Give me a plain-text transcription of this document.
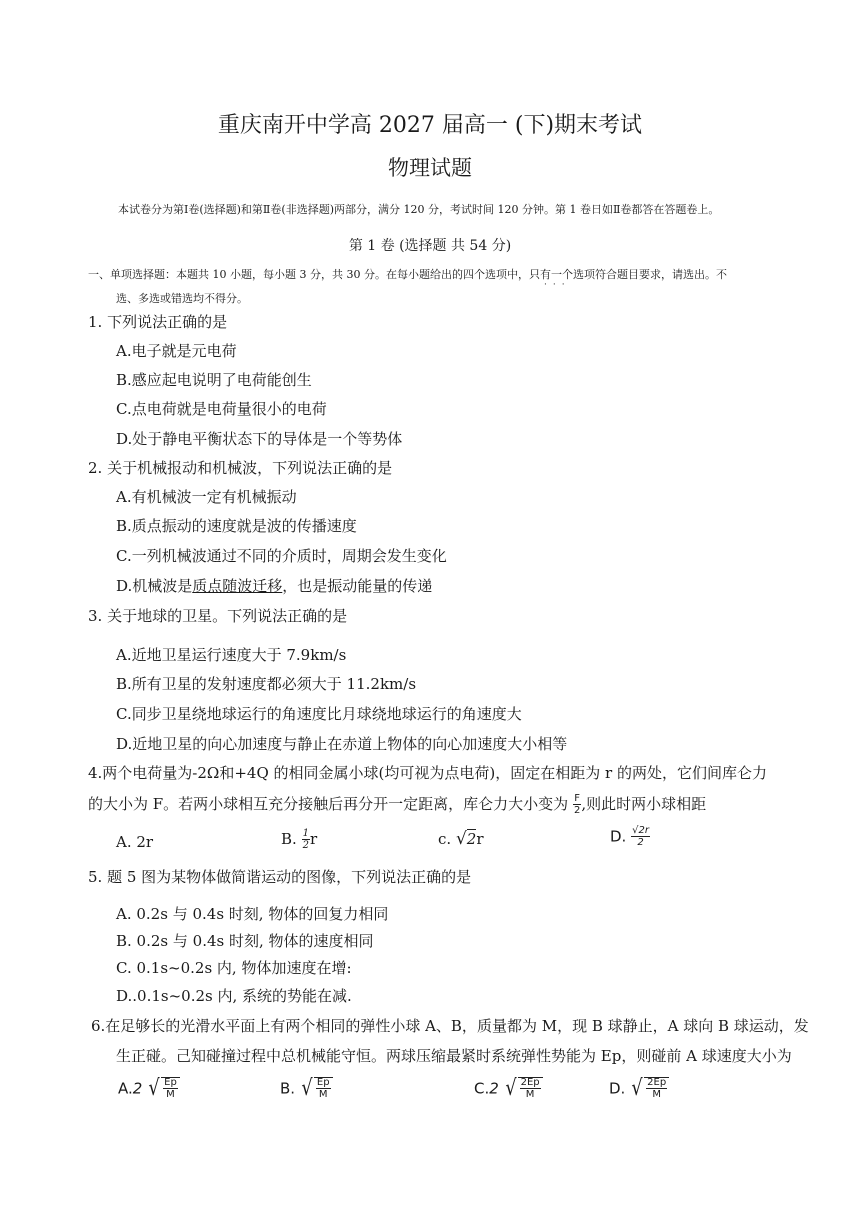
重庆南开中学高 2027 届高一 (下)期末考试
物理试题
本试卷分为第Ⅰ卷(选择题)和第Ⅱ卷(非选择题)两部分，满分 120 分，考试时间 120 分钟。第 1 卷日如Ⅱ卷都答在答题卷上。
第 1 卷 (选择题 共 54 分)
一、单项选择题：本题共 10 小题，每小题 3 分，共 30 分。在每小题给出的四个选项中，只有一个选项符合题目要求，请选出。不
···
选、多选或错选均不得分。
1. 下列说法正确的是
A.电子就是元电荷
B.感应起电说明了电荷能创生
C.点电荷就是电荷量很小的电荷
D.处于静电平衡状态下的导体是一个等势体
2. 关于机械报动和机械波，下列说法正确的是
A.有机械波一定有机械振动
B.质点振动的速度就是波的传播速度
C.一列机械波通过不同的介质时，周期会发生变化
D.机械波是质点随波迁移，也是振动能量的传递
3. 关于地球的卫星。下列说法正确的是
A.近地卫星运行速度大于 7.9km/s
B.所有卫星的发射速度都必须大于 11.2km/s
C.同步卫星绕地球运行的角速度比月球绕地球运行的角速度大
D.近地卫星的向心加速度与静止在赤道上物体的向心加速度大小相等
4.两个电荷量为-2Ω和+4Q 的相同金属小球(均可视为点电荷)，固定在相距为 r 的两处，它们间库仑力
的大小为 F。若两小球相互充分接触后再分开一定距离，库仑力大小变为 $\frac{F}{2}$ ,则此时两小球相距
A. 2r	B. $\frac{1}{2}$ r	c. √2r	D. $\frac{√2r}{2}$
5. 题 5 图为某物体做简谐运动的图像，下列说法正确的是
A. 0.2s 与 0.4s 时刻, 物体的回复力相同
B. 0.2s 与 0.4s 时刻, 物体的速度相同
C. 0.1s~0.2s 内, 物体加速度在增:
D..0.1s~0.2s 内, 系统的势能在减.
6.在足够长的光滑水平面上有两个相同的弹性小球 A、B，质量都为 M，现 B 球静止，A 球向 B 球运动，发
生正碰。己知碰撞过程中总机械能守恒。两球压缩最紧时系统弹性势能为 Ep，则碰前 A 球速度大小为
A.2 √ $\frac{Ep}{M}$	B. √ $\frac{Ep}{M}$	C.2 √ $\frac{2Ep}{M}$	D. √ $\frac{2Ep}{M}$
